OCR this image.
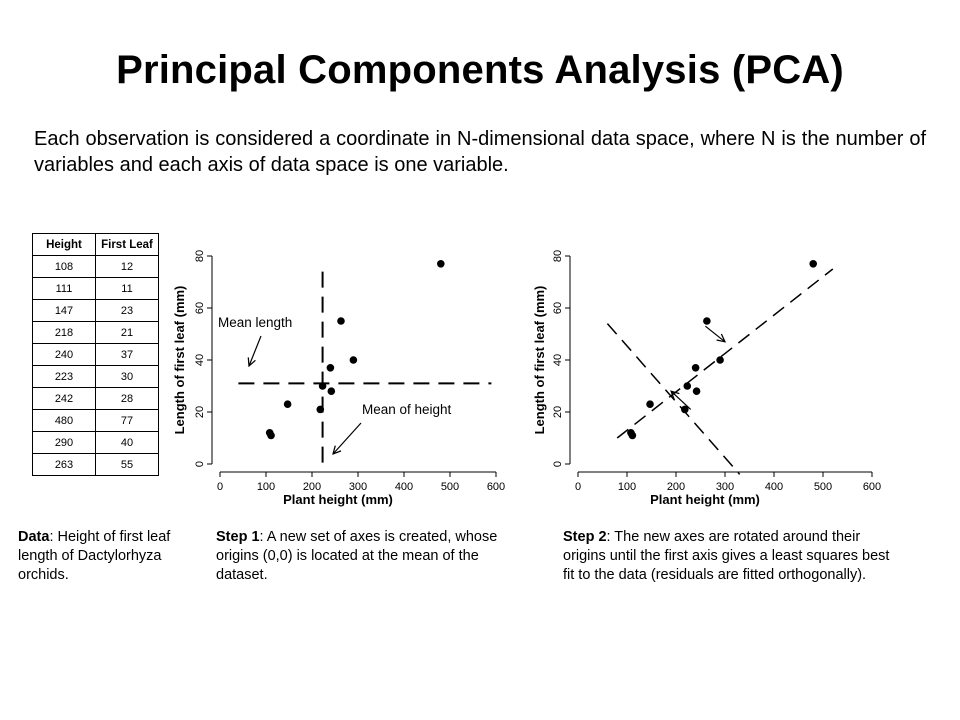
Principal Components Analysis (PCA)

Each observation is considered a coordinate in N-dimensional data space, where N is the number of variables and each axis of data space is one variable.

Height	First Leaf
108	12
111	11
147	23
218	21
240	37
223	30
242	28
480	77
290	40
263	55
0	100	200	300	400	500	600
0
20
40
60
80
Plant height (mm)
Length of first leaf (mm) Mean length
Mean of height
0	100	200	300	400	500	600
0
20
40
60
80
Plant height (mm)
Length of first leaf (mm)

Data: Height of first leaf length of Dactylorhyza orchids.

Step 1: A new set of axes is created, whose origins (0,0) is located at the mean of the dataset.

Step 2: The new axes are rotated around their origins until the first axis gives a least squares best fit to the data (residuals are fitted orthogonally).
